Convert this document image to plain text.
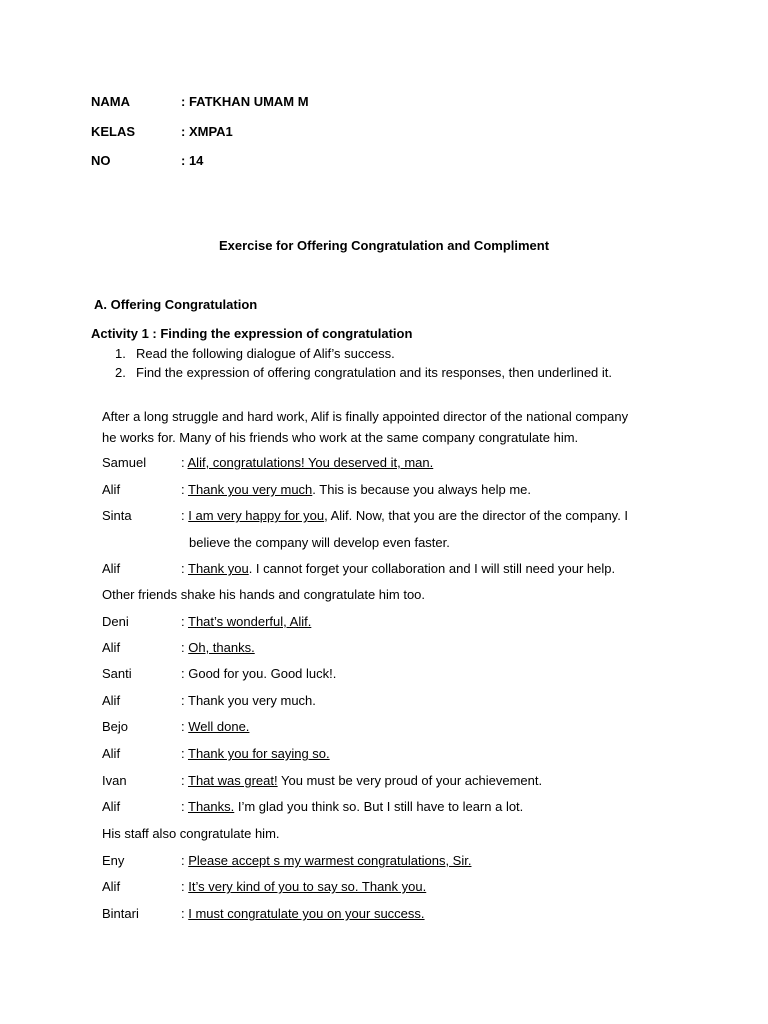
NAMA	: FATKHAN UMAM M
KELAS	: XMPA1
NO	: 14
Exercise for Offering Congratulation and Compliment
A. Offering Congratulation
Activity 1 : Finding the expression of congratulation
1. Read the following dialogue of Alif’s success.
2. Find the expression of offering congratulation and its responses, then underlined it.
After a long struggle and hard work, Alif is finally appointed director of the national company
he works for. Many of his friends who work at the same company congratulate him.
Samuel	: Alif, congratulations! You deserved it, man.
Alif	: Thank you very much. This is because you always help me.
Sinta	: I am very happy for you, Alif. Now, that you are the director of the company. I
believe the company will develop even faster.
Alif	: Thank you. I cannot forget your collaboration and I will still need your help.
Other friends shake his hands and congratulate him too.
Deni	: That’s wonderful, Alif.
Alif	: Oh, thanks.
Santi	: Good for you. Good luck!.
Alif	: Thank you very much.
Bejo	: Well done.
Alif	: Thank you for saying so.
Ivan	: That was great! You must be very proud of your achievement.
Alif	: Thanks. I’m glad you think so. But I still have to learn a lot.
His staff also congratulate him.
Eny	: Please accept s my warmest congratulations, Sir.
Alif	: It’s very kind of you to say so. Thank you.
Bintari	: I must congratulate you on your success.
